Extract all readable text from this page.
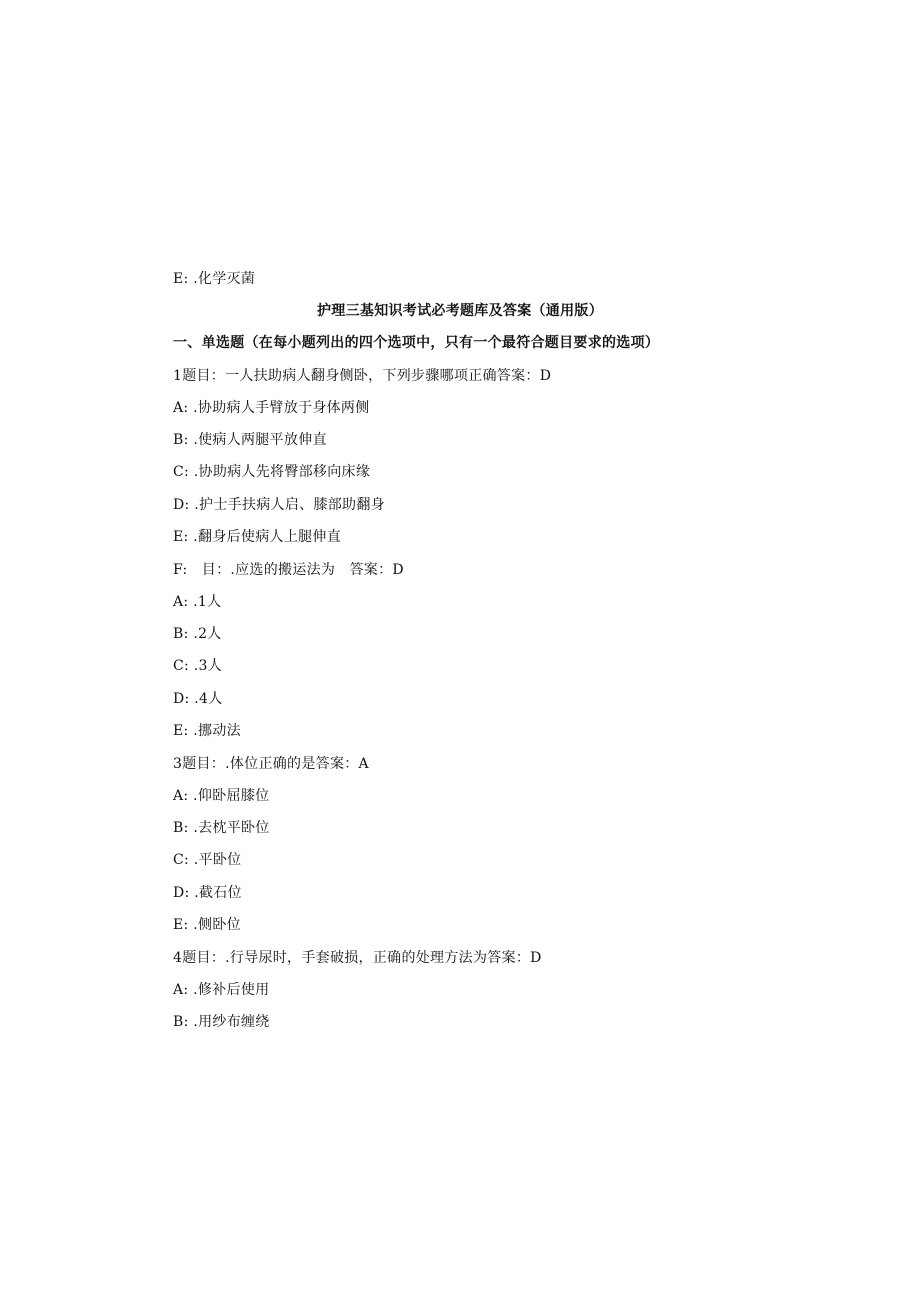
E: .化学灭菌
护理三基知识考试必考题库及答案（通用版）
一、单选题（在每小题列出的四个选项中，只有一个最符合题目要求的选项）
1题目：一人扶助病人翻身侧卧，下列步骤哪项正确答案：D
A: .协助病人手臂放于身体两侧
B: .使病人两腿平放伸直
C: .协助病人先将臀部移向床缘
D: .护士手扶病人启、膝部助翻身
E: .翻身后使病人上腿伸直
F:   目：.应选的搬运法为   答案：D
A: .1人
B: .2人
C: .3人
D: .4人
E: .挪动法
3题目：.体位正确的是答案：A
A: .仰卧屈膝位
B: .去枕平卧位
C: .平卧位
D: .截石位
E: .侧卧位
4题目：.行导尿时，手套破损，正确的处理方法为答案：D
A: .修补后使用
B: .用纱布缠绕
